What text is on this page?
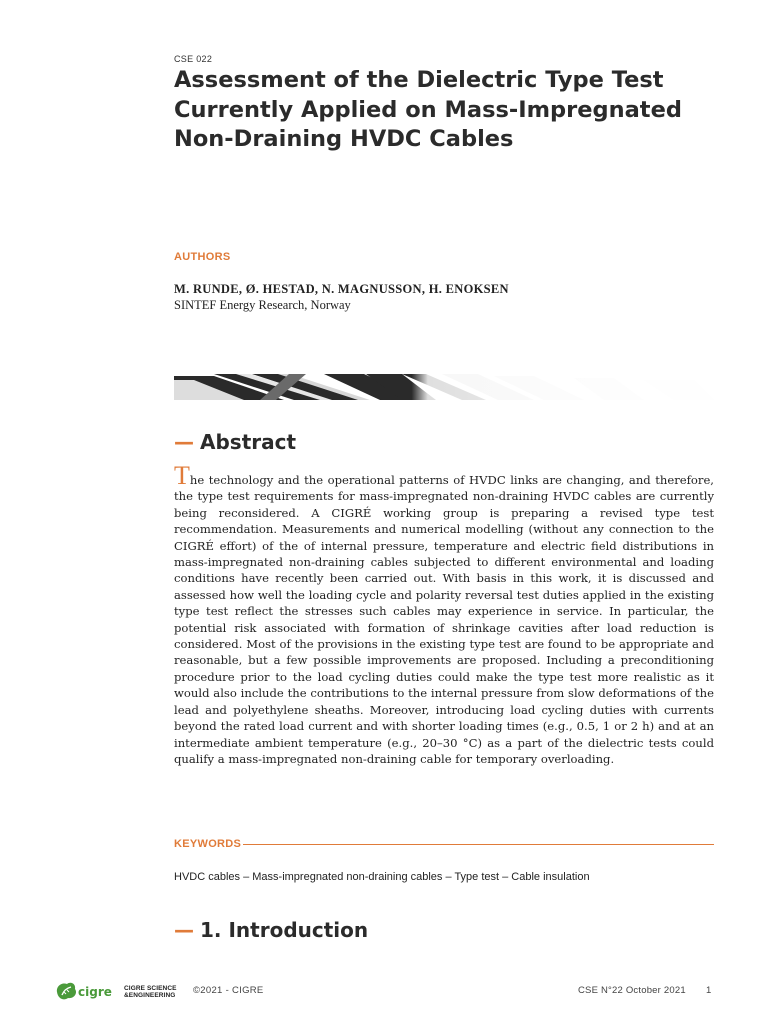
CSE 022
Assessment of the Dielectric Type Test
Currently Applied on Mass-Impregnated
Non-Draining HVDC Cables
AUTHORS
M. RUNDE, Ø. HESTAD, N. MAGNUSSON, H. ENOKSEN
SINTEF Energy Research, Norway
— Abstract

The technology and the operational patterns of HVDC links are changing, and therefore, the type test requirements for mass-impregnated non-draining HVDC cables are currently being reconsidered. A CIGRÉ working group is preparing a revised type test recommendation. Measurements and numerical modelling (without any connection to the CIGRÉ effort) of the of internal pressure, temperature and electric field distributions in mass-impregnated non-draining cables subjected to different environmental and loading conditions have recently been carried out. With basis in this work, it is discussed and assessed how well the loading cycle and polarity reversal test duties applied in the existing type test reflect the stresses such cables may experience in service. In particular, the potential risk associated with formation of shrinkage cavities after load reduction is considered. Most of the provisions in the existing type test are found to be appropriate and reasonable, but a few possible improvements are proposed. Including a preconditioning procedure prior to the load cycling duties could make the type test more realistic as it would also include the contributions to the internal pressure from slow deformations of the lead and polyethylene sheaths. Moreover, introducing load cycling duties with currents beyond the rated load current and with shorter loading times (e.g., 0.5, 1 or 2 h) and at an intermediate ambient temperature (e.g., 20–30 °C) as a part of the dielectric tests could qualify a mass-impregnated non-draining cable for temporary overloading.

KEYWORDS
HVDC cables – Mass-impregnated non-draining cables – Type test – Cable insulation
— 1. Introduction
cigre CIGRE SCIENCE
&ENGINEERING ©2021 - CIGRE	CSE N°22 October 2021 1
